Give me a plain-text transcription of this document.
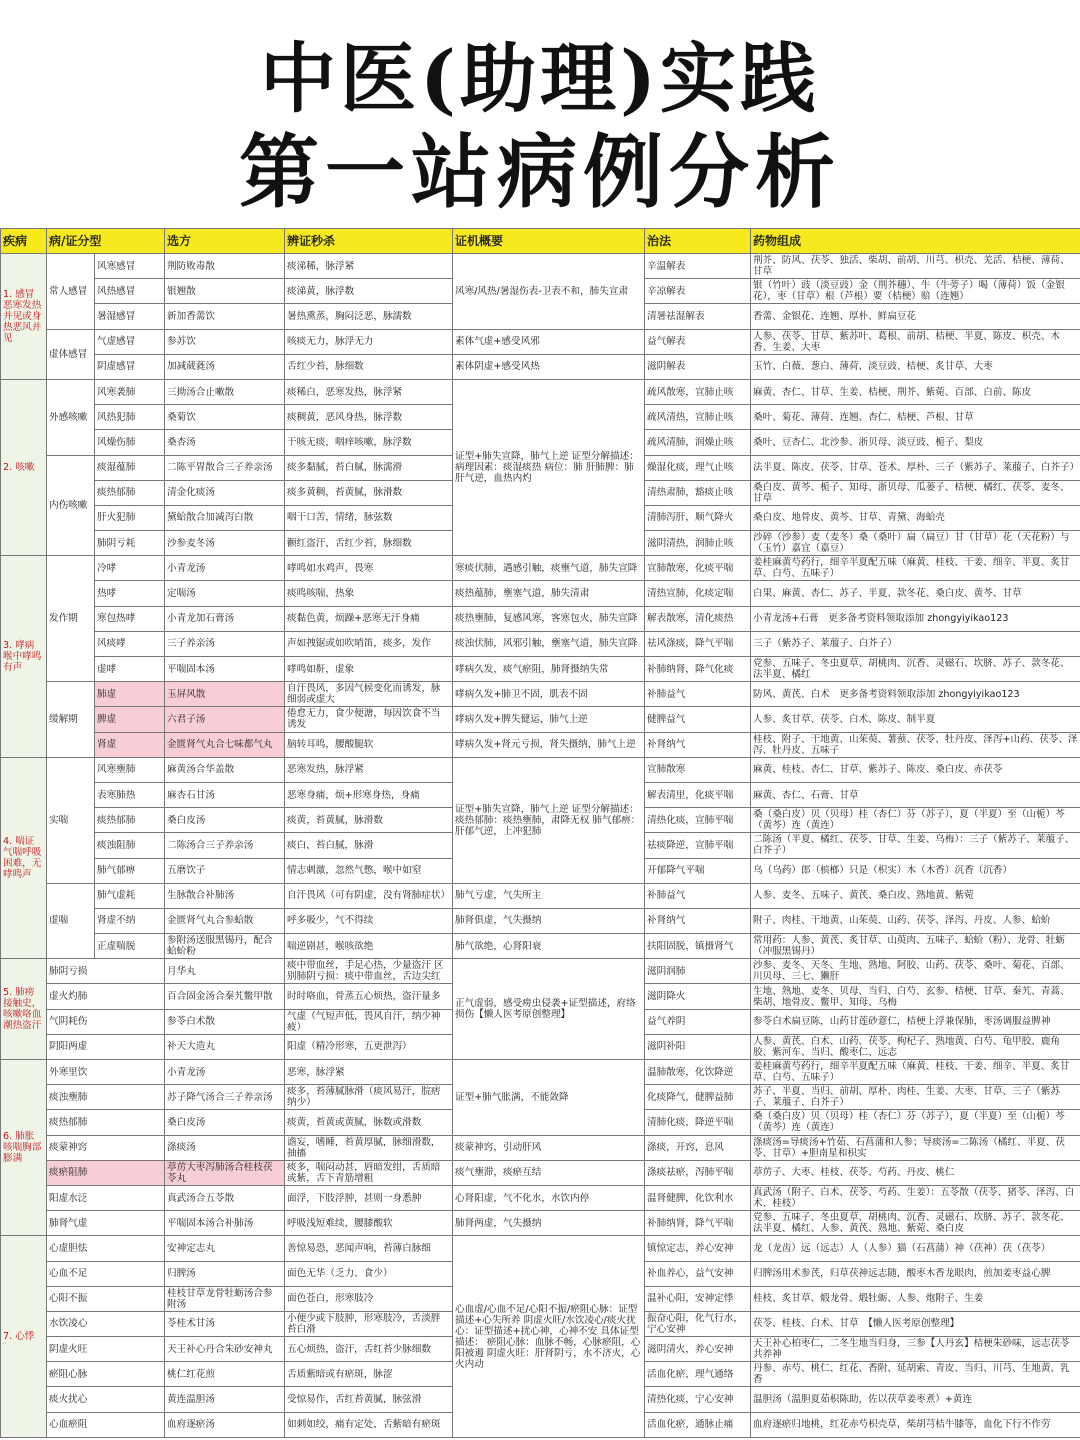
中医(助理)实践
第一站病例分析
疾病	病/证分型		选方	辨证秒杀	证机概要	治法	药物组成
1. 感冒 恶寒发热并见或身热恶风并见	常人感冒	风寒感冒	荆防败毒散	痰涕稀，脉浮紧	风寒/风热/暑湿伤表-卫表不和，肺失宣肃	辛温解表	荆芥、防风、茯苓、独活、柴胡、前胡、川芎、枳壳、羌活、桔梗、薄荷、甘草
		风热感冒	银翘散	痰涕黄，脉浮数		辛凉解表	银（竹叶）豉（淡豆豉）金（荆芥穗）、牛（牛蒡子）喝（薄荷）饭（金银花），枣（甘草）根（芦根）要（桔梗）赔（连翘）
		暑湿感冒	新加香薷饮	暑热熏蒸，胸闷泛恶，脉濡数		清暑祛湿解表	香薷、金银花、连翘、厚朴、鲜扁豆花
	虚体感冒	气虚感冒	参苏饮	咳痰无力，脉浮无力	素体气虚+感受风邪	益气解表	人参、茯苓、甘草、紫苏叶、葛根、前胡、桔梗、半夏、陈皮、枳壳、木香、生姜、大枣
		阴虚感冒	加减葳蕤汤	舌红少苔，脉细数	素体阴虚+感受风热	滋阴解表	玉竹、白薇、葱白、薄荷、淡豆豉、桔梗、炙甘草、大枣
2. 咳嗽	外感咳嗽	风寒袭肺	三拗汤合止嗽散	痰稀白，恶寒发热，脉浮紧	证型+肺失宣降，肺气上逆 证型分解描述：病理因素：痰湿痰热 病位：肺 肝肺脾：肺肝气逆，血热内灼	疏风散寒，宣肺止咳	麻黄、杏仁、甘草、生姜、桔梗、荆芥、紫菀、百部、白前、陈皮
		风热犯肺	桑菊饮	痰稠黄，恶风身热，脉浮数		疏风清热，宣肺止咳	桑叶、菊花、薄荷、连翘、杏仁、桔梗、芦根、甘草
		风燥伤肺	桑杏汤	干咳无痰，咽痒咳嗽，脉浮数		疏风清肺，润燥止咳	桑叶、豆杏仁、北沙参、浙贝母、淡豆豉、栀子、梨皮
	内伤咳嗽	痰湿蕴肺	二陈平胃散合三子养亲汤	痰多黏腻，苔白腻，脉濡滑		燥湿化痰，理气止咳	法半夏、陈皮、茯苓、甘草、苍术、厚朴、三子（紫苏子、莱菔子、白芥子）
		痰热郁肺	清金化痰汤	痰多黄稠，苔黄腻，脉滑数		清热肃肺，豁痰止咳	桑白皮、黄芩、栀子、知母、浙贝母、瓜蒌子、桔梗、橘红、茯苓、麦冬、甘草
		肝火犯肺	黛蛤散合加减泻白散	咽干口苦，情绪，脉弦数		清肺泻肝，顺气降火	桑白皮、地骨皮、黄芩、甘草、青黛、海蛤壳
		肺阴亏耗	沙参麦冬汤	颧红盗汗，舌红少苔，脉细数		滋阴清热，润肺止咳	沙碎（沙参）麦（麦冬）桑（桑叶）扁（扁豆）甘（甘草）花（天花粉）与（玉竹）嘉宜（嘉豆）
3. 哮病 喉中哮鸣有声	发作期	冷哮	小青龙汤	哮鸣如水鸡声，畏寒	寒痰伏肺，遇感引触，痰壅气道，肺失宣降	宣肺散寒，化痰平喘	姜桂麻黄芍药行，细辛半夏配五味（麻黄、桂枝、干姜、细辛、半夏、炙甘草、白芍、五味子）
		热哮	定喘汤	痰鸣咳喘，热象	痰热蕴肺，壅塞气道，肺失清肃	清热宣肺，化痰定喘	白果、麻黄、杏仁、苏子、半夏、款冬花、桑白皮、黄芩、甘草
		寒包热哮	小青龙加石膏汤	痰黏色黄，烦躁+恶寒无汗身痛	痰热壅肺，复感风寒，客寒包火，肺失宣降	解表散寒，清化痰热	小青龙汤+石膏　更多备考资料领取添加 zhongyiyikao123
		风痰哮	三子养亲汤	声如拽锯或如吹哨笛，痰多，发作	痰浊伏肺，风邪引触，壅塞气道，肺失宣降	祛风涤痰，降气平喘	三子（紫苏子、莱菔子、白芥子）
		虚哮	平喘固本汤	哮鸣如鼾，虚象	哮病久发，痰气瘀阻，肺肾摄纳失常	补肺纳肾，降气化痰	党参、五味子、冬虫夏草、胡桃肉、沉香、灵磁石、坎脐、苏子、款冬花、法半夏、橘红
	缓解期	肺虚	玉屏风散	自汗畏风，多因气候变化而诱发，脉细弱或虚大	哮病久发+肺卫不固，肌表不固	补肺益气	防风、黄芪、白术　更多备考资料领取添加 zhongyiyikao123
		脾虚	六君子汤	倦怠无力，食少便溏，每因饮食不当诱发	哮病久发+脾失健运，肺气上逆	健脾益气	人参、炙甘草、茯苓、白术、陈皮、制半夏
		肾虚	金匮肾气丸合七味都气丸	脑转耳鸣，腰酸腿软	哮病久发+肾元亏损，肾失摄纳，肺气上逆	补肾纳气	桂枝、附子、干地黄、山茱萸、薯蓣、茯苓、牡丹皮、泽泻+山药、茯苓、泽泻、牡丹皮、五味子
4. 喘证 气喘呼吸困难，无哮鸣声	实喘	风寒壅肺	麻黄汤合华盖散	恶寒发热，脉浮紧	证型+肺失宣降，肺气上逆 证型分解描述：痰热郁肺：痰热壅肺，肃降无权 肺气郁痹：肝郁气逆，上冲犯肺	宣肺散寒	麻黄、桂枝、杏仁、甘草、紫苏子、陈皮、桑白皮、赤茯苓
		表寒肺热	麻杏石甘汤	恶寒身痛，烦+形寒身热，身痛		解表清里，化痰平喘	麻黄、杏仁、石膏、甘草
		痰热郁肺	桑白皮汤	痰黄，苔黄腻，脉滑数		清热化痰，宣肺平喘	桑（桑白皮）贝（贝母）桂（杏仁）芬（苏子），夏（半夏）至（山栀）芩（黄芩）连（黄连）
		痰浊阻肺	二陈汤合三子养亲汤	痰白，苔白腻，脉滑		祛痰降逆，宣肺平喘	二陈汤（半夏、橘红、茯苓、甘草、生姜、乌梅）：三子（紫苏子、莱菔子、白芥子）
		肺气郁痹	五磨饮子	情志刺激，忽然气憋，喉中如窒		开郁降气平喘	乌（乌药）郎（槟榔）只是（枳实）木（木香）沉香（沉香）
	虚喘	肺气虚耗	生脉散合补肺汤	自汗畏风（可有阴虚，没有肾肺症状）	肺气亏虚，气失所主	补肺益气	人参、麦冬、五味子、黄芪、桑白皮、熟地黄、紫菀
		肾虚不纳	金匮肾气丸合参蛤散	呼多吸少，气不得续	肺肾俱虚，气失摄纳	补肾纳气	附子、肉桂、干地黄、山茱萸、山药、茯苓、泽泻、丹皮、人参、蛤蚧
		正虚喘脱	参附汤送服黑锡丹，配合蛤蚧粉	喘逆剧甚，喉咳欲绝	肺气欲绝，心肾阳衰	扶阳固脱，镇摄肾气	常用药：人参、黄芪、炙甘草、山萸肉、五味子、蛤蚧（粉）、龙骨、牡蛎（冲服黑锡丹）
5. 肺痨 接触史，咳嗽咯血潮热盗汗	肺阴亏损		月华丸	痰中带血丝，手足心热，少量盗汗 区别肺阴亏损：痰中带血丝，舌边尖红	正气虚弱，感受痨虫侵袭+证型描述，府络损伤【懒人医考原创整理】	滋阴润肺	沙参、麦冬、天冬、生地、熟地、阿胶、山药、茯苓、桑叶、菊花、百部、川贝母、三七、獭肝
	虚火灼肺		百合固金汤合秦艽鳖甲散	时时咯血，骨蒸五心烦热，盗汗量多		滋阴降火	生地、熟地、麦冬、贝母、当归、白芍、玄参、桔梗、甘草、秦艽、青蒿、柴胡、地骨皮、鳖甲、知母、乌梅
	气阴耗伤		参苓白术散	气虚（气短声低，畏风自汗，纳少神疲）		益气养阴	参苓白术扁豆陈，山药甘莲砂薏仁，桔梗上浮兼保肺，枣汤调服益脾神
	阴阳两虚		补天大造丸	阳虚（精冷形寒，五更泄泻）		滋阴补阳	人参、黄芪、白术、山药、茯苓、枸杞子、熟地黄、白芍、龟甲胶、鹿角胶、紫河车、当归、酸枣仁、远志
6. 肺胀 咳喘胸部膨满	外寒里饮		小青龙汤	恶寒，脉浮紧	证型+肺气胀满，不能敛降	温肺散寒，化饮降逆	姜桂麻黄芍药行，细辛半夏配五味（麻黄、桂枝、干姜、细辛、半夏、炙甘草、白芍、五味子）
	痰浊壅肺		苏子降气汤合三子养亲汤	痰多，苔薄腻脉滑（痰风易汗，脘痞纳少）		化痰降气，健脾益肺	苏子、半夏、当归、前胡、厚朴、肉桂、生姜、大枣、甘草、三子（紫苏子、莱菔子、白芥子）
	痰热郁肺		桑白皮汤	痰黄，苔黄或黄腻，脉数或滑数		清肺化痰，降逆平喘	桑（桑白皮）贝（贝母）桂（杏仁）芬（苏子），夏（半夏）至（山栀）芩（黄芩）连（黄连）
	痰蒙神窍		涤痰汤	谵妄，嗜睡，苔黄厚腻，脉细滑数，抽搐	痰蒙神窍，引动肝风	涤痰，开窍，息风	涤痰汤=导痰汤+竹茹、石菖蒲和人参；导痰汤=二陈汤（橘红、半夏、茯苓、甘草）+胆南星和枳实
	痰瘀阻肺		葶苈大枣泻肺汤合桂枝茯苓丸	痰多，喘闷动甚，唇暗发绀，舌质暗或紫，舌下青筋增粗	痰气壅滞，痰瘀互结	涤痰祛瘀，泻肺平喘	葶苈子、大枣、桂枝、茯苓、芍药、丹皮、桃仁
	阳虚水泛		真武汤合五苓散	面浮，下肢浮肿，甚则一身悉肿	心肾阳虚，气不化水，水饮内停	温肾健脾，化饮利水	真武汤（附子、白术、茯苓、芍药、生姜）：五苓散（茯苓、猪苓、泽泻、白术、桂枝）
	肺肾气虚		平喘固本汤合补肺汤	呼吸浅短难续，腰膝酸软	肺肾两虚，气失摄纳	补肺纳肾，降气平喘	党参、五味子、冬虫夏草、胡桃肉、沉香、灵磁石、坎脐、苏子、款冬花、法半夏、橘红、人参、黄芪、熟地、紫菀、桑白皮
7. 心悸	心虚胆怯		安神定志丸	善惊易恐，恶闻声响，苔薄白脉细	心血虚/心血不足/心阳不振/瘀阻心脉：证型描述+心失所养 阴虚火旺/水饮凌心/痰火扰心：证型描述+扰心神，心神不安 具体证型描述： 瘀阻心脉：血脉不畅，心脉瘀阻，心阳被遏 阴虚火旺：肝肾阴亏，水不济火，心火内动	镇惊定志，养心安神	龙（龙齿）远（远志）人（人参）猫（石菖蒲）神（茯神）茯（茯苓）
	心血不足		归脾汤	面色无华（乏力、食少）		补血养心，益气安神	归脾汤用术参芪，归草茯神远志随，酸枣木香龙眼肉，煎加姜枣益心脾
	心阳不振		桂枝甘草龙骨牡蛎汤合参附汤	面色苍白，形寒肢冷		温补心阳，安神定悸	桂枝、炙甘草、煅龙骨、煅牡蛎、人参、炮附子、生姜
	水饮凌心		苓桂术甘汤	小便少或下肢肿，形寒肢冷，舌淡胖苔白滑		振奋心阳，化气行水，宁心安神	茯苓、桂枝、白术、甘草　【懒人医考原创整理】
	阴虚火旺		天王补心丹合朱砂安神丸	五心烦热，盗汗，舌红苔少脉细数		滋阴清火，养心安神	天王补心柏枣仁，二冬生地当归身，三参【人丹玄】桔梗朱砂味，远志茯苓共养神
	瘀阻心脉		桃仁红花煎	舌质紫暗或有瘀斑，脉涩		活血化瘀，理气通络	丹参、赤芍、桃仁、红花、香附、延胡索、青皮、当归、川芎、生地黄、乳香
	痰火扰心		黄连温胆汤	受惊易作，舌红苔黄腻，脉弦滑		清热化痰，宁心安神	温胆汤（温胆夏茹枳陈助，佐以茯草姜枣煮）+黄连
	心血瘀阻		血府逐瘀汤	如刺如绞，痛有定处，舌紫暗有瘀斑		活血化瘀，通脉止痛	血府逐瘀归地桃，红花赤芍枳壳草，柴胡芎桔牛膝等，血化下行不作劳
